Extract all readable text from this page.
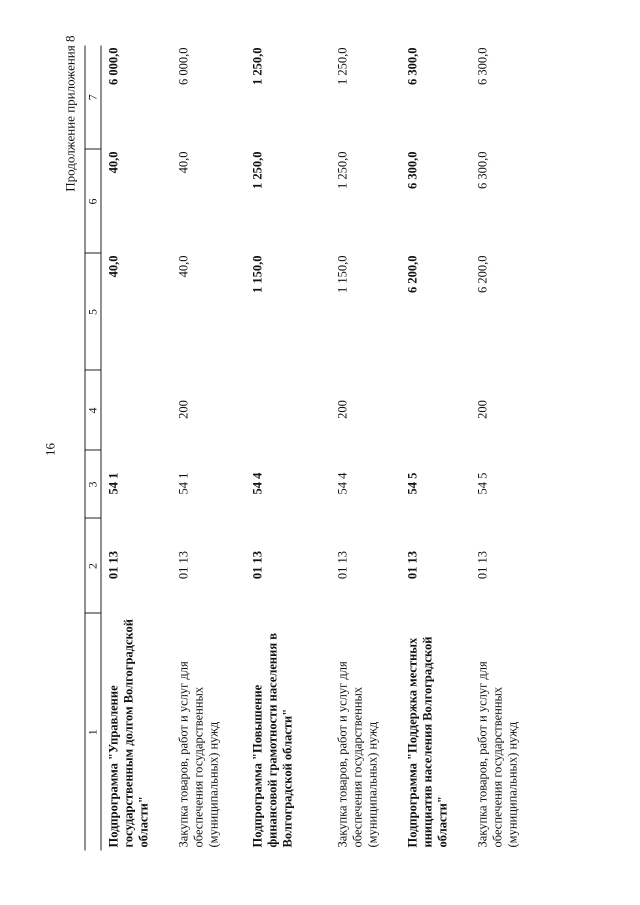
16
Продолжение приложения 8
1	2	3	4	5	6	7
Подпрограмма "Управление государственным долгом Волгоградской области"	01 13	54 1		40,0	40,0	6 000,0
Закупка товаров, работ и услуг для обеспечения государственных (муниципальных) нужд	01 13	54 1	200	40,0	40,0	6 000,0
Подпрограмма "Повышение финансовой грамотности населения в Волгоградской области"	01 13	54 4		1 150,0	1 250,0	1 250,0
Закупка товаров, работ и услуг для обеспечения государственных (муниципальных) нужд	01 13	54 4	200	1 150,0	1 250,0	1 250,0
Подпрограмма "Поддержка местных инициатив населения Волгоградской области"	01 13	54 5		6 200,0	6 300,0	6 300,0
Закупка товаров, работ и услуг для обеспечения государственных (муниципальных) нужд	01 13	54 5	200	6 200,0	6 300,0	6 300,0
